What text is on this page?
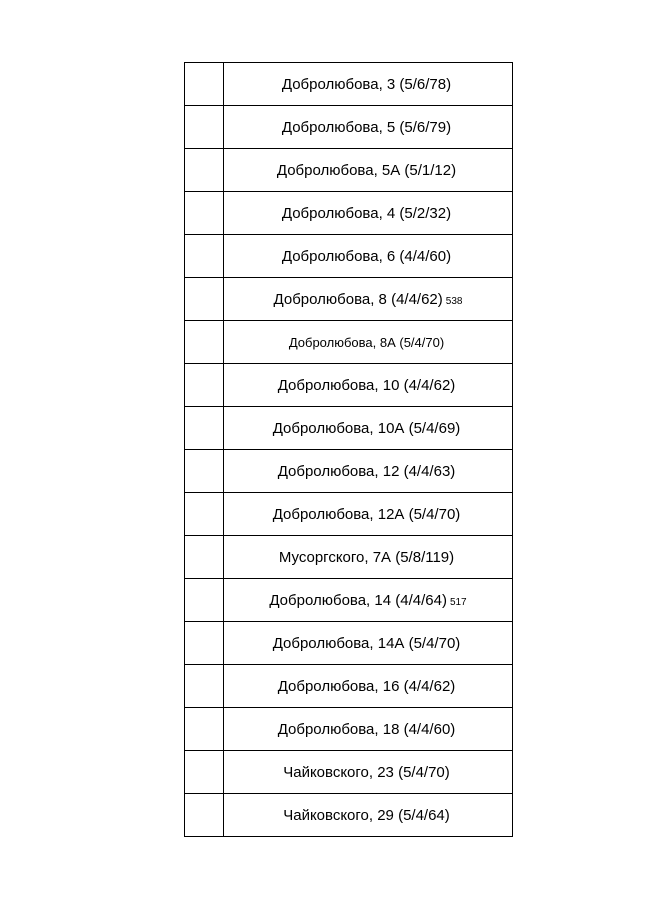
	Добролюбова, 3 (5/6/78)
	Добролюбова, 5 (5/6/79)
	Добролюбова, 5А (5/1/12)
	Добролюбова, 4 (5/2/32)
	Добролюбова, 6 (4/4/60)
	Добролюбова, 8 (4/4/62) 538
	Добролюбова, 8А (5/4/70)
	Добролюбова, 10 (4/4/62)
	Добролюбова, 10А (5/4/69)
	Добролюбова, 12 (4/4/63)
	Добролюбова, 12А (5/4/70)
	Мусоргского, 7А (5/8/119)
	Добролюбова, 14 (4/4/64) 517
	Добролюбова, 14А (5/4/70)
	Добролюбова, 16 (4/4/62)
	Добролюбова, 18 (4/4/60)
	Чайковского, 23 (5/4/70)
	Чайковского, 29 (5/4/64)
